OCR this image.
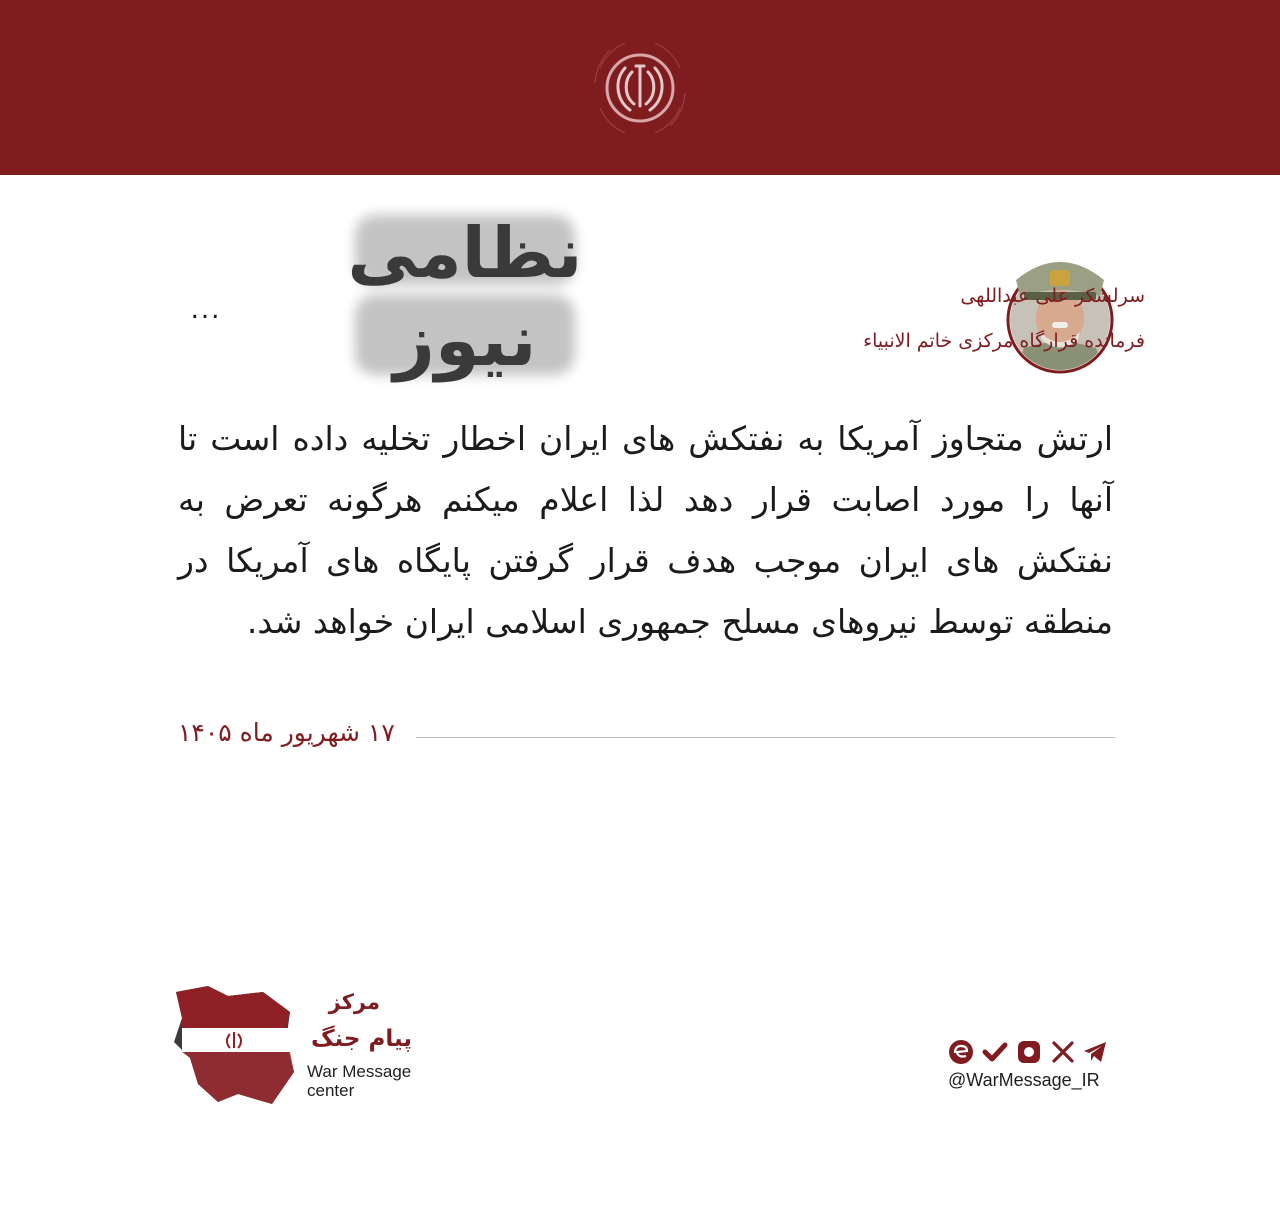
سرلشکر علی عبداللهی
فرمانده قرارگاه مرکزی خاتم الانبیاء
نظامی
نیوز
...
ارتش متجاوز آمریکا به نفتکش های ایران اخطار تخلیه داده است تا آنها را مورد اصابت قرار دهد لذا اعلام میکنم هرگونه تعرض به نفتکش های ایران موجب هدف قرار گرفتن پایگاه های آمریکا در منطقه توسط نیروهای مسلح جمهوری اسلامی ایران خواهد شد.
۱۷ شهریور ماه ۱۴۰۵
مرکز
پیام جنگ
War Message
center
@WarMessage_IR
